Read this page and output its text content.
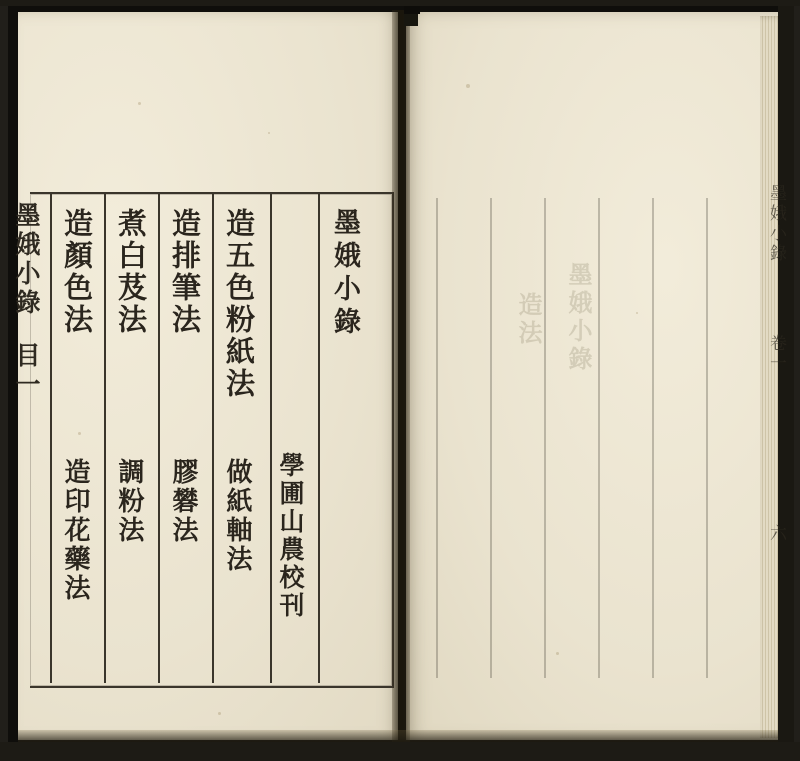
墨娥小錄
學圃山農校刊
造五色粉紙法
做紙軸法
造排筆法
膠礬法
煮白芨法
調粉法
造顏色法
造印花藥法
墨娥小錄
目一	墨娥小錄
造法
墨娥小錄
卷一
六
